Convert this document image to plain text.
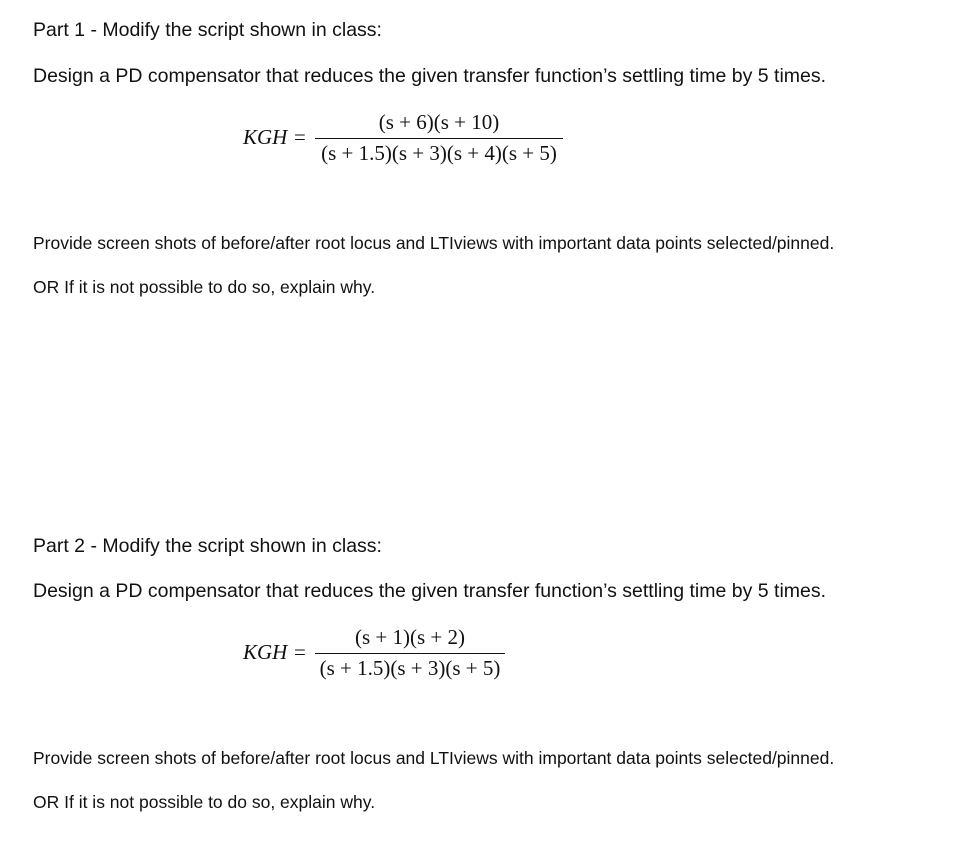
Part 1 - Modify the script shown in class:
Design a PD compensator that reduces the given transfer function’s settling time by 5 times.
KGH =
(s + 6)(s + 10)
(s + 1.5)(s + 3)(s + 4)(s + 5)
Provide screen shots of before/after root locus and LTIviews with important data points selected/pinned.
OR If it is not possible to do so, explain why.
Part 2 - Modify the script shown in class:
Design a PD compensator that reduces the given transfer function’s settling time by 5 times.
KGH =
(s + 1)(s + 2)
(s + 1.5)(s + 3)(s + 5)
Provide screen shots of before/after root locus and LTIviews with important data points selected/pinned.
OR If it is not possible to do so, explain why.
